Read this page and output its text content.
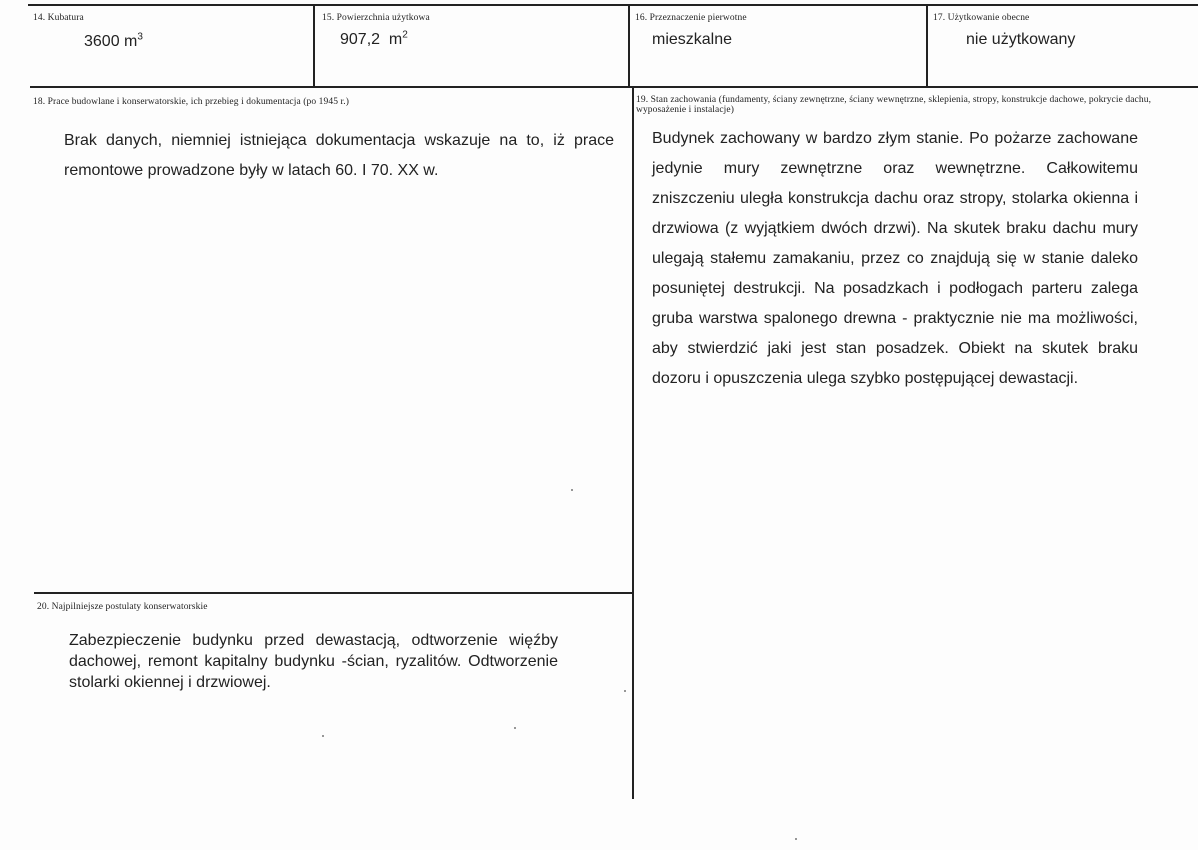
14. Kubatura
3600 $m^3$
15. Powierzchnia użytkowa
907,2  $m^2$
16. Przeznaczenie pierwotne
mieszkalne
17. Użytkowanie obecne
nie użytkowany
18. Prace budowlane i konserwatorskie, ich przebieg i dokumentacja (po 1945 r.)
Brak danych, niemniej istniejąca dokumentacja wskazuje na to, iż prace remontowe prowadzone były w latach 60. I 70. XX w.
19. Stan zachowania (fundamenty, ściany zewnętrzne, ściany wewnętrzne, sklepienia, stropy, konstrukcje dachowe, pokrycie dachu, wyposażenie i instalacje)
Budynek zachowany w bardzo złym stanie. Po pożarze zachowane jedynie mury zewnętrzne oraz wewnętrzne. Całkowitemu zniszczeniu uległa konstrukcja dachu oraz stropy, stolarka okienna i drzwiowa (z wyjątkiem dwóch drzwi). Na skutek braku dachu mury ulegają stałemu zamakaniu, przez co znajdują się w stanie daleko posuniętej destrukcji. Na posadzkach i podłogach parteru zalega gruba warstwa spalonego drewna - praktycznie nie ma możliwości, aby stwierdzić jaki jest stan posadzek. Obiekt na skutek braku dozoru i opuszczenia ulega szybko postępującej dewastacji.
20. Najpilniejsze postulaty konserwatorskie
Zabezpieczenie budynku przed dewastacją, odtworzenie więźby dachowej, remont kapitalny budynku -ścian, ryzalitów. Odtworzenie stolarki okiennej i drzwiowej.
